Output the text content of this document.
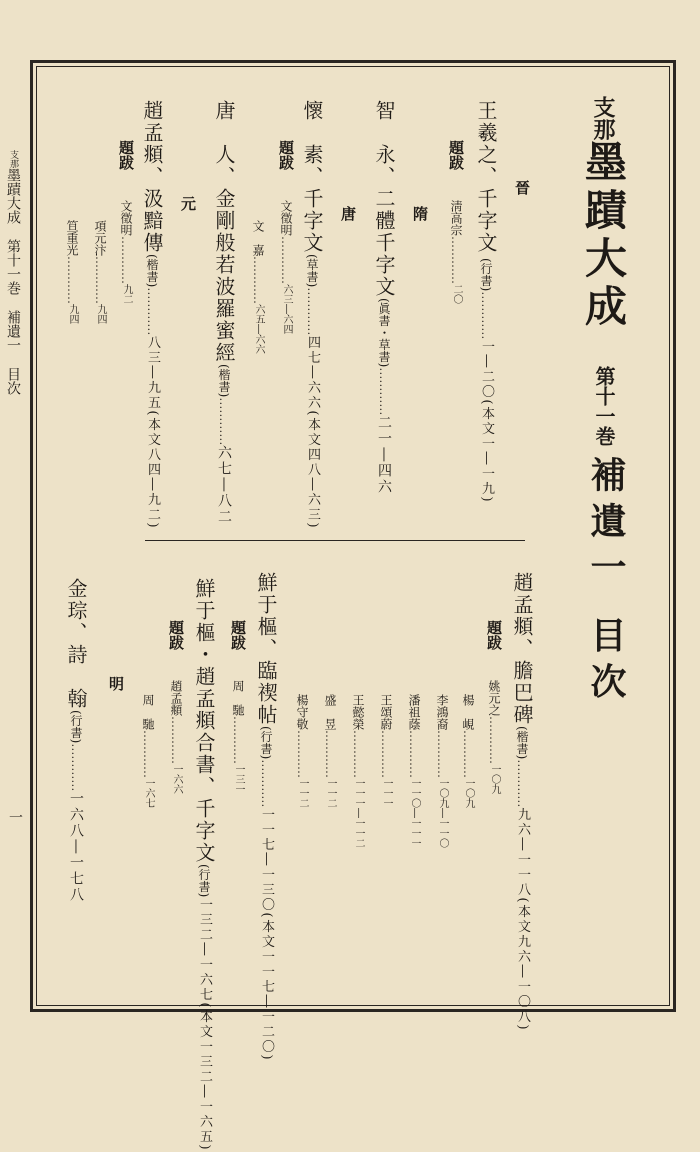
支那墨蹟大成  第十一巻  補遺一  目次
一
支那
墨蹟大成
第十一巻
補遺一 目次
晉
王羲之、千字文(行書)…………一―二〇(本文一―一九)
題跋淸高宗…………二〇
隋
智　永、二體千字文(眞書・草書)…………二一―四六
唐
懷　素、千字文(草書)…………四七―六六(本文四八―六三)
題跋文徵明…………六三―六四
文　嘉…………六五―六六
唐　人、金剛般若波羅蜜經(楷書)…………六七―八二
元
趙孟頫、汲黯傳(楷書)…………八三―九五(本文八四―九二)
題跋文徵明…………九二
項元汴…………九四
笪重光…………九四
趙孟頫、膽巴碑(楷書)…………九六―一一八(本文九六―一〇八)
題跋姚元之…………一〇九
楊　峴…………一〇九
李鴻裔…………一〇九―一一〇
潘祖蔭…………一一〇―一一一
王頌蔚…………一一一
王懿榮…………一一一―一一二
盛　昱…………一一二
楊守敬…………一一二
鮮于樞、臨禊帖(行書)…………一一七―一三〇(本文一一七―一二〇)
題跋周　馳…………一三一
鮮于樞・趙孟頫合書、千字文(行書)一三二―一六七(本文一三二―一六五)
題跋趙孟頫…………一六六
周　馳…………一六七
明
金琮、詩　翰(行書)…………一六八―一七八
